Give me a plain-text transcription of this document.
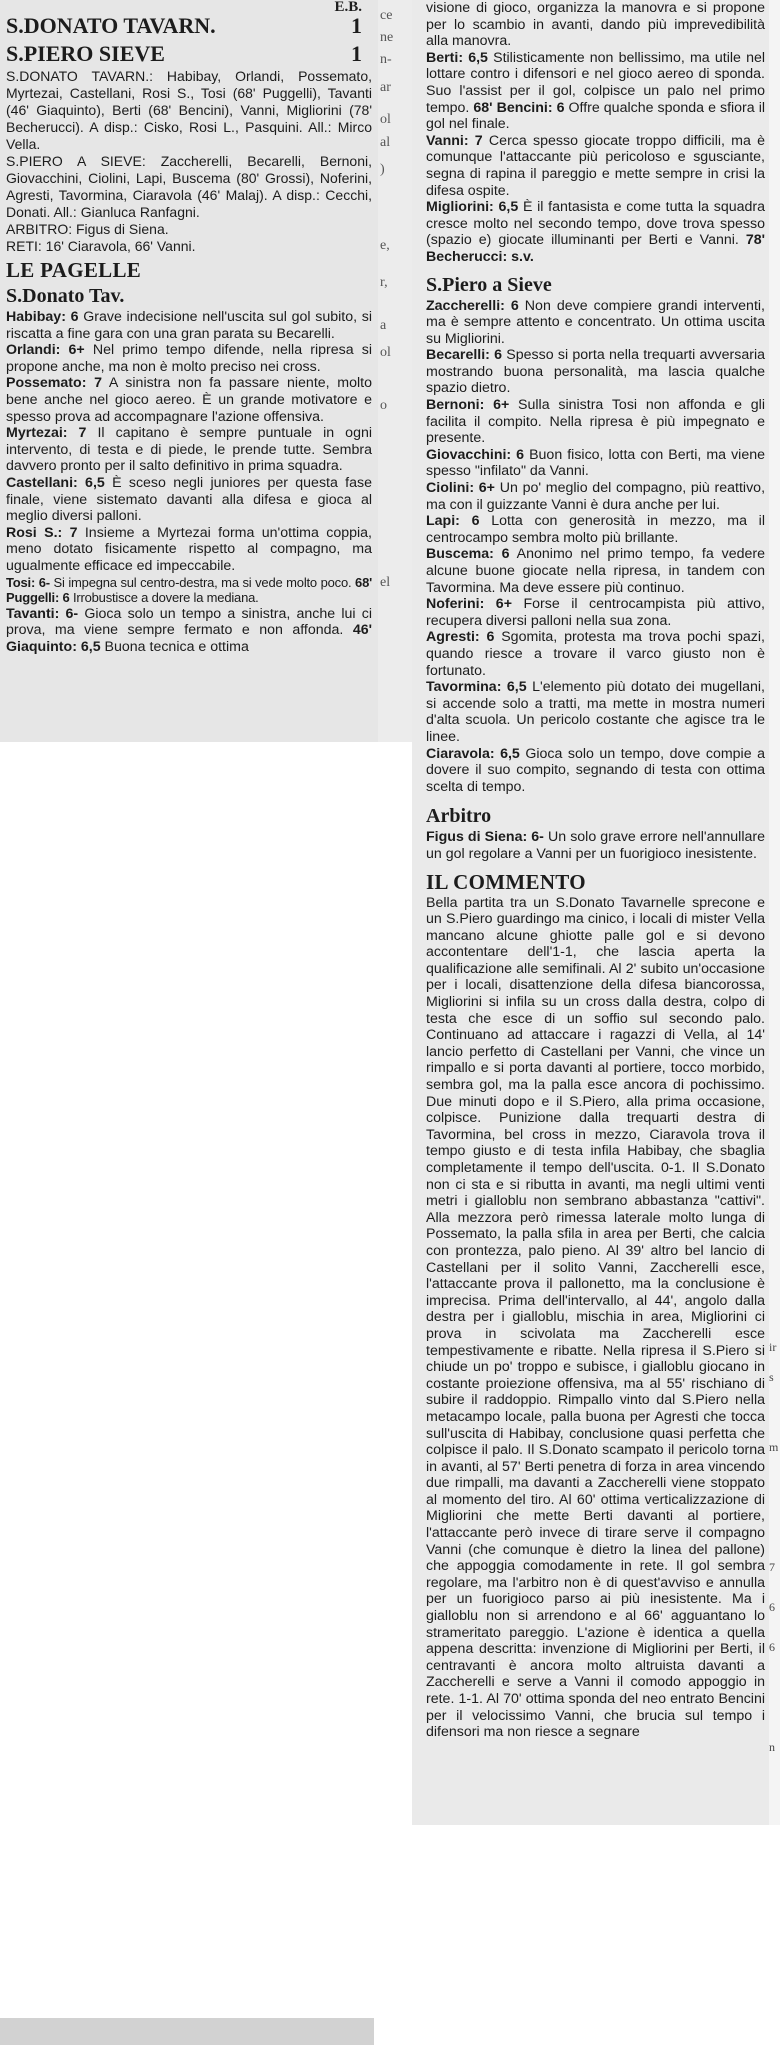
E.B.
S.DONATO TAVARN.	1
S.PIERO SIEVE	1

S.DONATO TAVARN.: Habibay, Orlandi, Possemato, Myrtezai, Castellani, Rosi S., Tosi (68' Puggelli), Tavanti (46' Giaquinto), Berti (68' Bencini), Vanni, Migliorini (78' Becherucci). A disp.: Cisko, Rosi L., Pasquini. All.: Mirco Vella.

S.PIERO A SIEVE: Zaccherelli, Becarelli, Bernoni, Giovacchini, Ciolini, Lapi, Buscema (80' Grossi), Noferini, Agresti, Tavormina, Ciaravola (46' Malaj). A disp.: Cecchi, Donati. All.: Gianluca Ranfagni.

ARBITRO: Figus di Siena.

RETI: 16' Ciaravola, 66' Vanni.

LE PAGELLE
S.Donato Tav.

Habibay: 6 Grave indecisione nell'uscita sul gol subito, si riscatta a fine gara con una gran parata su Becarelli.

Orlandi: 6+ Nel primo tempo difende, nella ripresa si propone anche, ma non è molto preciso nei cross.

Possemato: 7 A sinistra non fa passare niente, molto bene anche nel gioco aereo. È un grande motivatore e spesso prova ad accompagnare l'azione offensiva.

Myrtezai: 7 Il capitano è sempre puntuale in ogni intervento, di testa e di piede, le prende tutte. Sembra davvero pronto per il salto definitivo in prima squadra.

Castellani: 6,5 È sceso negli juniores per questa fase finale, viene sistemato davanti alla difesa e gioca al meglio diversi palloni.

Rosi S.: 7 Insieme a Myrtezai forma un'ottima coppia, meno dotato fisicamente rispetto al compagno, ma ugualmente efficace ed impeccabile.

Tosi: 6- Si impegna sul centro-destra, ma si vede molto poco. 68' Puggelli: 6 Irrobustisce a dovere la mediana.

Tavanti: 6- Gioca solo un tempo a sinistra, anche lui ci prova, ma viene sempre fermato e non affonda. 46' Giaquinto: 6,5 Buona tecnica e ottima

ce
ne
n-
ar
ol
al
)
e,
r,
a
ol
o
el

visione di gioco, organizza la manovra e si propone per lo scambio in avanti, dando più imprevedibilità alla manovra.

Berti: 6,5 Stilisticamente non bellissimo, ma utile nel lottare contro i difensori e nel gioco aereo di sponda. Suo l'assist per il gol, colpisce un palo nel primo tempo. 68' Bencini: 6 Offre qualche sponda e sfiora il gol nel finale.

Vanni: 7 Cerca spesso giocate troppo difficili, ma è comunque l'attaccante più pericoloso e sgusciante, segna di rapina il pareggio e mette sempre in crisi la difesa ospite.

Migliorini: 6,5 È il fantasista e come tutta la squadra cresce molto nel secondo tempo, dove trova spesso (spazio e) giocate illuminanti per Berti e Vanni. 78' Becherucci: s.v.

S.Piero a Sieve

Zaccherelli: 6 Non deve compiere grandi interventi, ma è sempre attento e concentrato. Un ottima uscita su Migliorini.

Becarelli: 6 Spesso si porta nella trequarti avversaria mostrando buona personalità, ma lascia qualche spazio dietro.

Bernoni: 6+ Sulla sinistra Tosi non affonda e gli facilita il compito. Nella ripresa è più impegnato e presente.

Giovacchini: 6 Buon fisico, lotta con Berti, ma viene spesso "infilato" da Vanni.

Ciolini: 6+ Un po' meglio del compagno, più reattivo, ma con il guizzante Vanni è dura anche per lui.

Lapi: 6 Lotta con generosità in mezzo, ma il centrocampo sembra molto più brillante.

Buscema: 6 Anonimo nel primo tempo, fa vedere alcune buone giocate nella ripresa, in tandem con Tavormina. Ma deve essere più continuo.

Noferini: 6+ Forse il centrocampista più attivo, recupera diversi palloni nella sua zona.

Agresti: 6 Sgomita, protesta ma trova pochi spazi, quando riesce a trovare il varco giusto non è fortunato.

Tavormina: 6,5 L'elemento più dotato dei mugellani, si accende solo a tratti, ma mette in mostra numeri d'alta scuola. Un pericolo costante che agisce tra le linee.

Ciaravola: 6,5 Gioca solo un tempo, dove compie a dovere il suo compito, segnando di testa con ottima scelta di tempo.

Arbitro

Figus di Siena: 6- Un solo grave errore nell'annullare un gol regolare a Vanni per un fuorigioco inesistente.

IL COMMENTO

Bella partita tra un S.Donato Tavarnelle sprecone e un S.Piero guardingo ma cinico, i locali di mister Vella mancano alcune ghiotte palle gol e si devono accontentare dell'1-1, che lascia aperta la qualificazione alle semifinali. Al 2' subito un'occasione per i locali, disattenzione della difesa biancorossa, Migliorini si infila su un cross dalla destra, colpo di testa che esce di un soffio sul secondo palo. Continuano ad attaccare i ragazzi di Vella, al 14' lancio perfetto di Castellani per Vanni, che vince un rimpallo e si porta davanti al portiere, tocco morbido, sembra gol, ma la palla esce ancora di pochissimo. Due minuti dopo e il S.Piero, alla prima occasione, colpisce. Punizione dalla trequarti destra di Tavormina, bel cross in mezzo, Ciaravola trova il tempo giusto e di testa infila Habibay, che sbaglia completamente il tempo dell'uscita. 0-1. Il S.Donato non ci sta e si ributta in avanti, ma negli ultimi venti metri i gialloblu non sembrano abbastanza "cattivi". Alla mezzora però rimessa laterale molto lunga di Possemato, la palla sfila in area per Berti, che calcia con prontezza, palo pieno. Al 39' altro bel lancio di Castellani per il solito Vanni, Zaccherelli esce, l'attaccante prova il pallonetto, ma la conclusione è imprecisa. Prima dell'intervallo, al 44', angolo dalla destra per i gialloblu, mischia in area, Migliorini ci prova in scivolata ma Zaccherelli esce tempestivamente e ribatte. Nella ripresa il S.Piero si chiude un po' troppo e subisce, i gialloblu giocano in costante proiezione offensiva, ma al 55' rischiano di subire il raddoppio. Rimpallo vinto dal S.Piero nella metacampo locale, palla buona per Agresti che tocca sull'uscita di Habibay, conclusione quasi perfetta che colpisce il palo. Il S.Donato scampato il pericolo torna in avanti, al 57' Berti penetra di forza in area vincendo due rimpalli, ma davanti a Zaccherelli viene stoppato al momento del tiro. Al 60' ottima verticalizzazione di Migliorini che mette Berti davanti al portiere, l'attaccante però invece di tirare serve il compagno Vanni (che comunque è dietro la linea del pallone) che appoggia comodamente in rete. Il gol sembra regolare, ma l'arbitro non è di quest'avviso e annulla per un fuorigioco parso ai più inesistente. Ma i gialloblu non si arrendono e al 66' agguantano lo strameritato pareggio. L'azione è identica a quella appena descritta: invenzione di Migliorini per Berti, il centravanti è ancora molto altruista davanti a Zaccherelli e serve a Vanni il comodo appoggio in rete. 1-1. Al 70' ottima sponda del neo entrato Bencini per il velocissimo Vanni, che brucia sul tempo i difensori ma non riesce a segnare

ir
s
m
7
6
6
n
